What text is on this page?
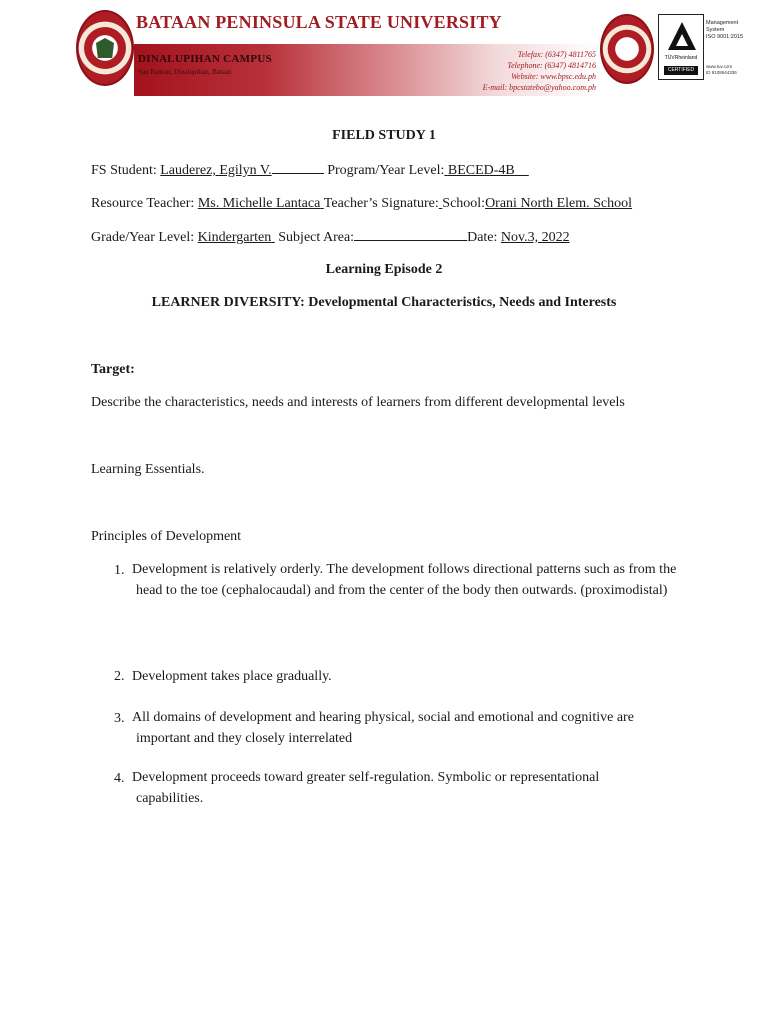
BATAAN PENINSULA STATE UNIVERSITY
DINALUPIHAN CAMPUS
San Ramon, Dinalupihan, Bataan
Telefax: (6347) 4811765
Telephone: (6347) 4814716
Website: www.bpsc.edu.ph
E-mail: bpcstatebo@yahoo.com.ph
TÜVRheinland
CERTIFIED
Management
System
ISO 9001:2015
www.tuv.com
ID 9108644336
FIELD STUDY 1
FS Student: Lauderez, Egilyn V.	Program/Year Level: BECED-4B
Resource Teacher: Ms. Michelle Lantaca Teacher’s Signature: School:Orani North Elem. School
Grade/Year Level: Kindergarten Subject Area:	Date: Nov.3, 2022
Learning Episode 2
LEARNER DIVERSITY: Developmental Characteristics, Needs and Interests
Target:
Describe the characteristics, needs and interests of learners from different developmental levels
Learning Essentials.
Principles of Development
1. Development is relatively orderly. The development follows directional patterns such as from the head to the toe (cephalocaudal) and from the center of the body then outwards. (proximodistal)
2. Development takes place gradually.
3. All domains of development and hearing physical, social and emotional and cognitive are important and they closely interrelated
4. Development proceeds toward greater self-regulation. Symbolic or representational capabilities.
